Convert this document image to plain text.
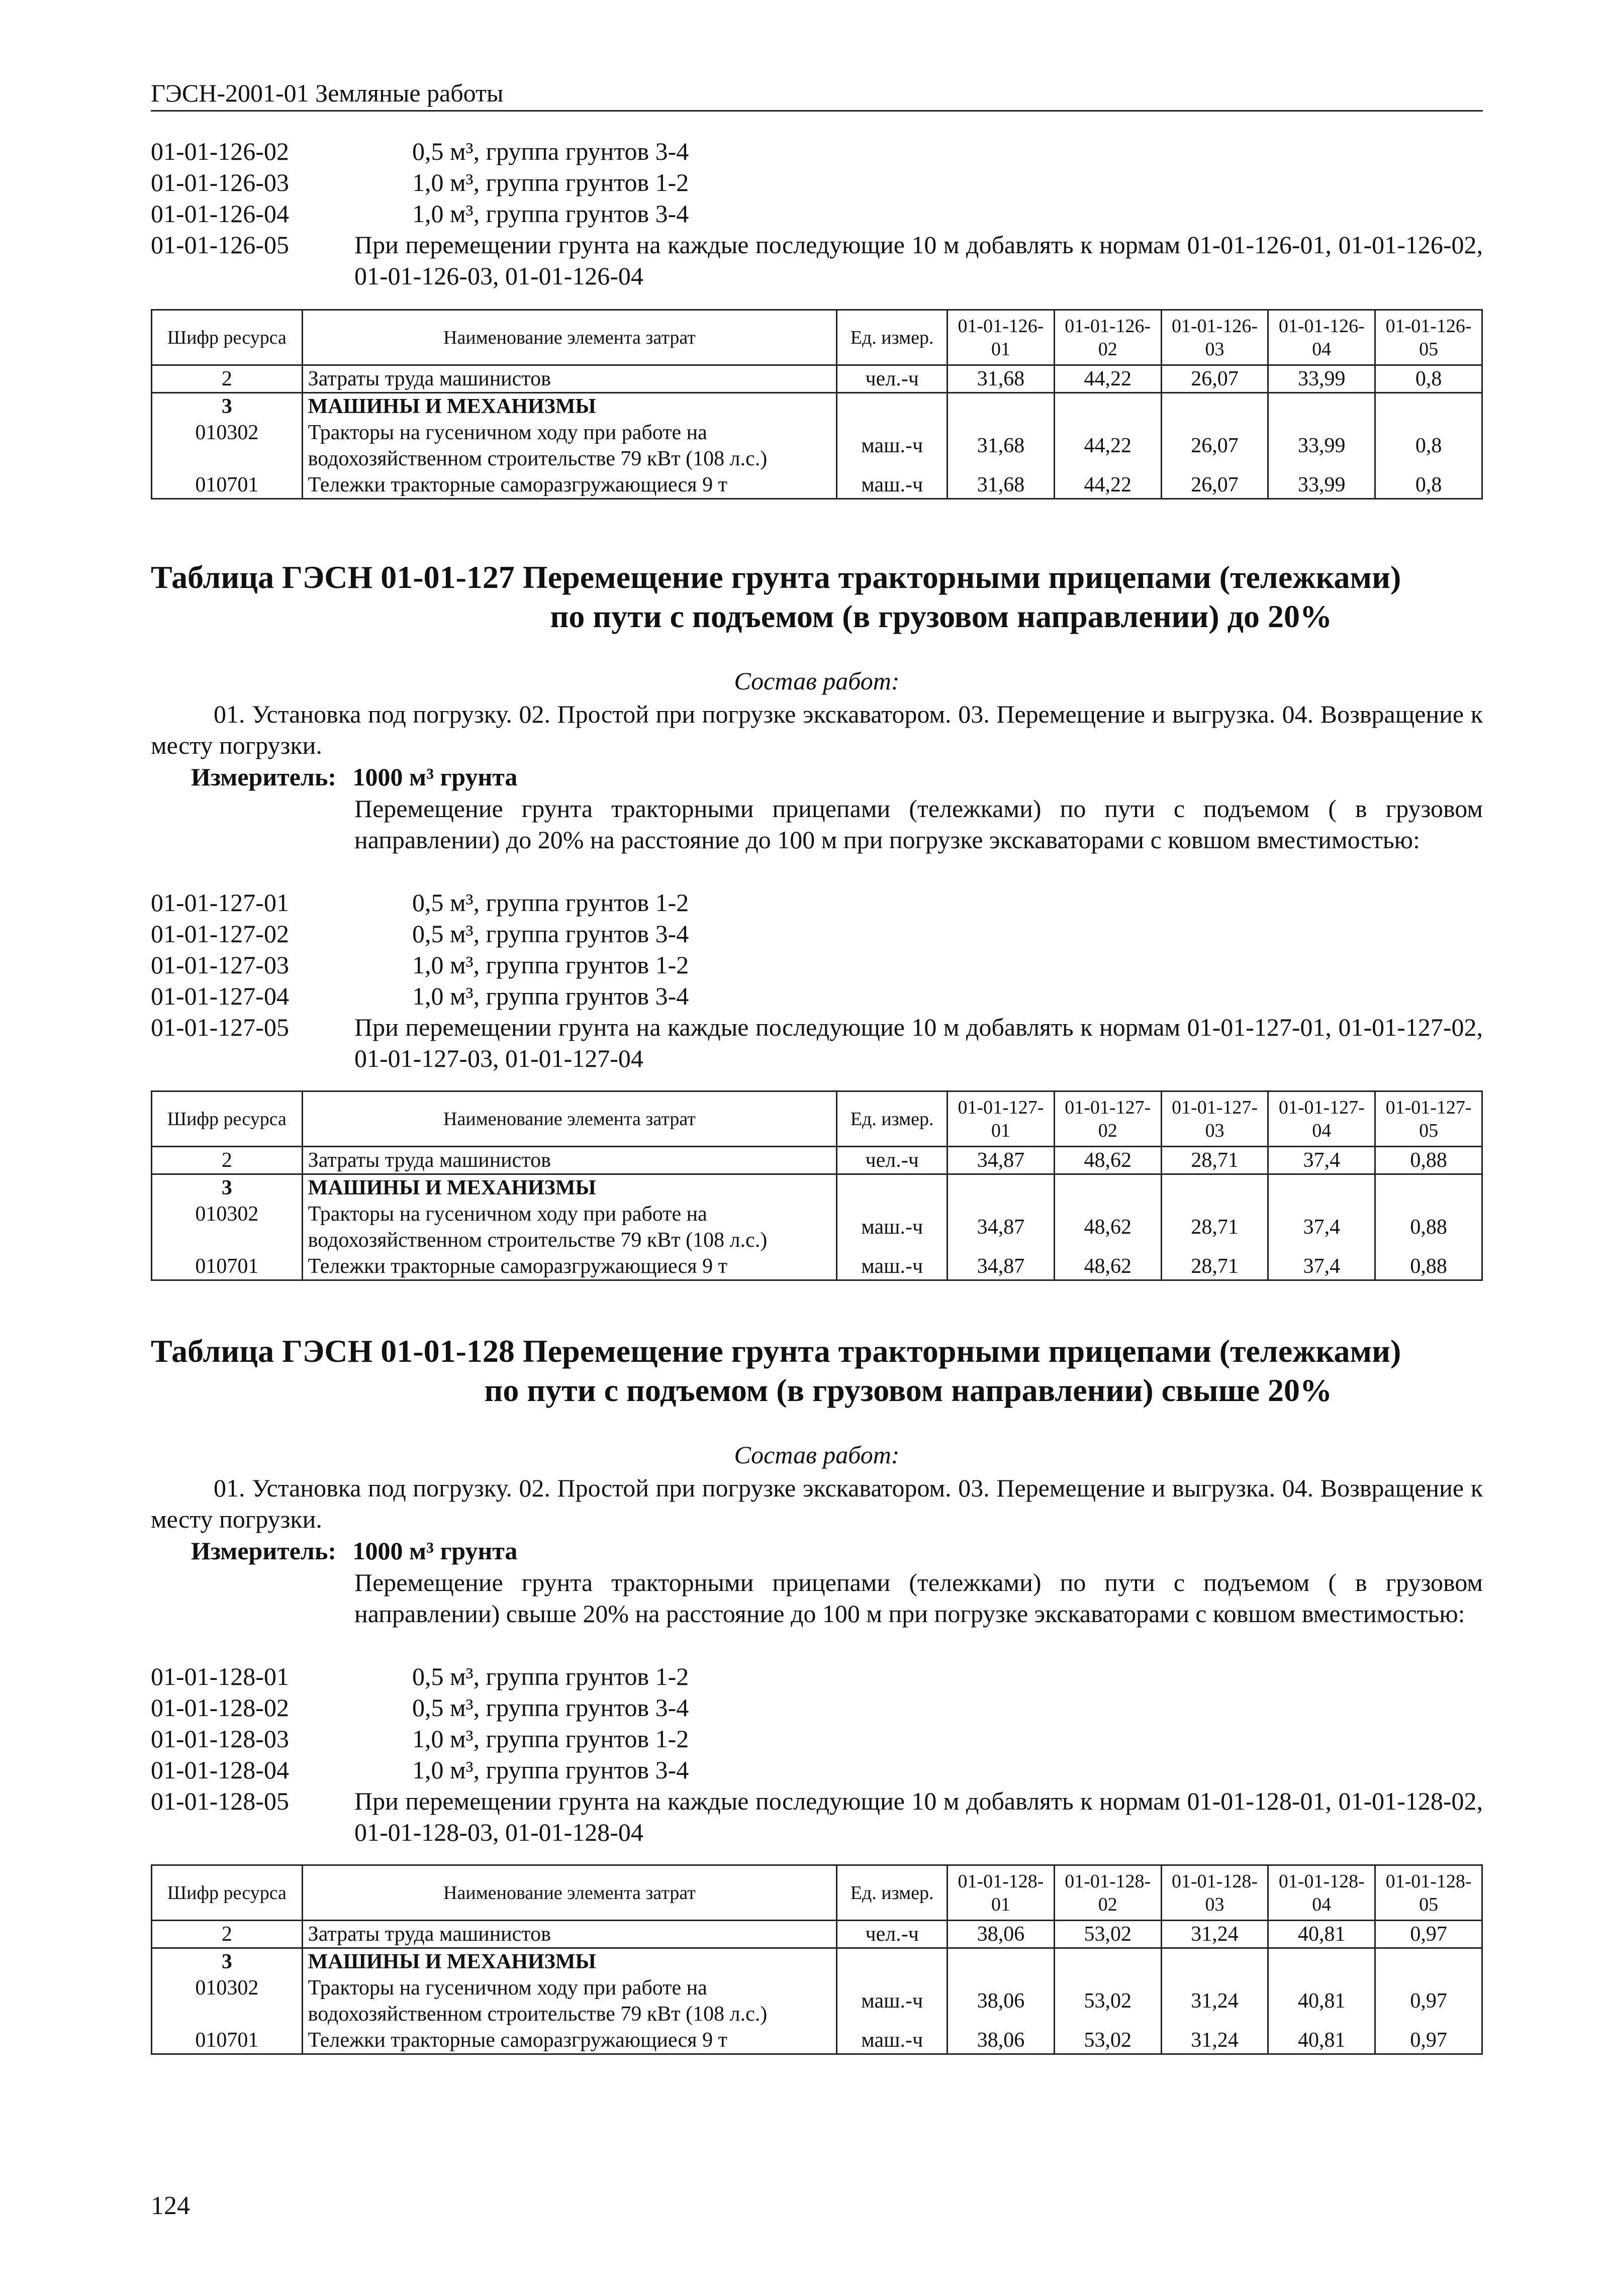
ГЭСН-2001-01 Земляные работы
01-01-126-02	0,5 м³, группа грунтов 3-4
01-01-126-03	1,0 м³, группа грунтов 1-2
01-01-126-04	1,0 м³, группа грунтов 3-4
01-01-126-05	При перемещении грунта на каждые последующие 10 м добавлять к нормам 01-01-126-01, 01-01-126-02, 01-01-126-03, 01-01-126-04
Шифр ресурса	Наименование элемента затрат	Ед. измер.	01-01-126-01	01-01-126-02	01-01-126-03	01-01-126-04	01-01-126-05
2	Затраты труда машинистов	чел.-ч	31,68	44,22	26,07	33,99	0,8
3	МАШИНЫ И МЕХАНИЗМЫ						
010302	Тракторы на гусеничном ходу при работе на водохозяйственном строительстве 79 кВт (108 л.с.)	маш.-ч	31,68	44,22	26,07	33,99	0,8
010701	Тележки тракторные саморазгружающиеся 9 т	маш.-ч	31,68	44,22	26,07	33,99	0,8
Таблица ГЭСН 01-01-127 Перемещение грунта тракторными прицепами (тележками)
по пути с подъемом (в грузовом направлении) до 20%
Состав работ:
01. Установка под погрузку. 02. Простой при погрузке экскаватором. 03. Перемещение и выгрузка. 04. Возвращение к месту погрузки.
Измеритель: 1000 м³ грунта
Перемещение грунта тракторными прицепами (тележками) по пути с подъемом ( в грузовом направлении) до 20% на расстояние до 100 м при погрузке экскаваторами с ковшом вместимостью:
01-01-127-01	0,5 м³, группа грунтов 1-2
01-01-127-02	0,5 м³, группа грунтов 3-4
01-01-127-03	1,0 м³, группа грунтов 1-2
01-01-127-04	1,0 м³, группа грунтов 3-4
01-01-127-05	При перемещении грунта на каждые последующие 10 м добавлять к нормам 01-01-127-01, 01-01-127-02, 01-01-127-03, 01-01-127-04
Шифр ресурса	Наименование элемента затрат	Ед. измер.	01-01-127-01	01-01-127-02	01-01-127-03	01-01-127-04	01-01-127-05
2	Затраты труда машинистов	чел.-ч	34,87	48,62	28,71	37,4	0,88
3	МАШИНЫ И МЕХАНИЗМЫ						
010302	Тракторы на гусеничном ходу при работе на водохозяйственном строительстве 79 кВт (108 л.с.)	маш.-ч	34,87	48,62	28,71	37,4	0,88
010701	Тележки тракторные саморазгружающиеся 9 т	маш.-ч	34,87	48,62	28,71	37,4	0,88
Таблица ГЭСН 01-01-128 Перемещение грунта тракторными прицепами (тележками)
по пути с подъемом (в грузовом направлении) свыше 20%
Состав работ:
01. Установка под погрузку. 02. Простой при погрузке экскаватором. 03. Перемещение и выгрузка. 04. Возвращение к месту погрузки.
Измеритель: 1000 м³ грунта
Перемещение грунта тракторными прицепами (тележками) по пути с подъемом ( в грузовом направлении) свыше 20% на расстояние до 100 м при погрузке экскаваторами с ковшом вместимостью:
01-01-128-01	0,5 м³, группа грунтов 1-2
01-01-128-02	0,5 м³, группа грунтов 3-4
01-01-128-03	1,0 м³, группа грунтов 1-2
01-01-128-04	1,0 м³, группа грунтов 3-4
01-01-128-05	При перемещении грунта на каждые последующие 10 м добавлять к нормам 01-01-128-01, 01-01-128-02, 01-01-128-03, 01-01-128-04
Шифр ресурса	Наименование элемента затрат	Ед. измер.	01-01-128-01	01-01-128-02	01-01-128-03	01-01-128-04	01-01-128-05
2	Затраты труда машинистов	чел.-ч	38,06	53,02	31,24	40,81	0,97
3	МАШИНЫ И МЕХАНИЗМЫ						
010302	Тракторы на гусеничном ходу при работе на водохозяйственном строительстве 79 кВт (108 л.с.)	маш.-ч	38,06	53,02	31,24	40,81	0,97
010701	Тележки тракторные саморазгружающиеся 9 т	маш.-ч	38,06	53,02	31,24	40,81	0,97
124
